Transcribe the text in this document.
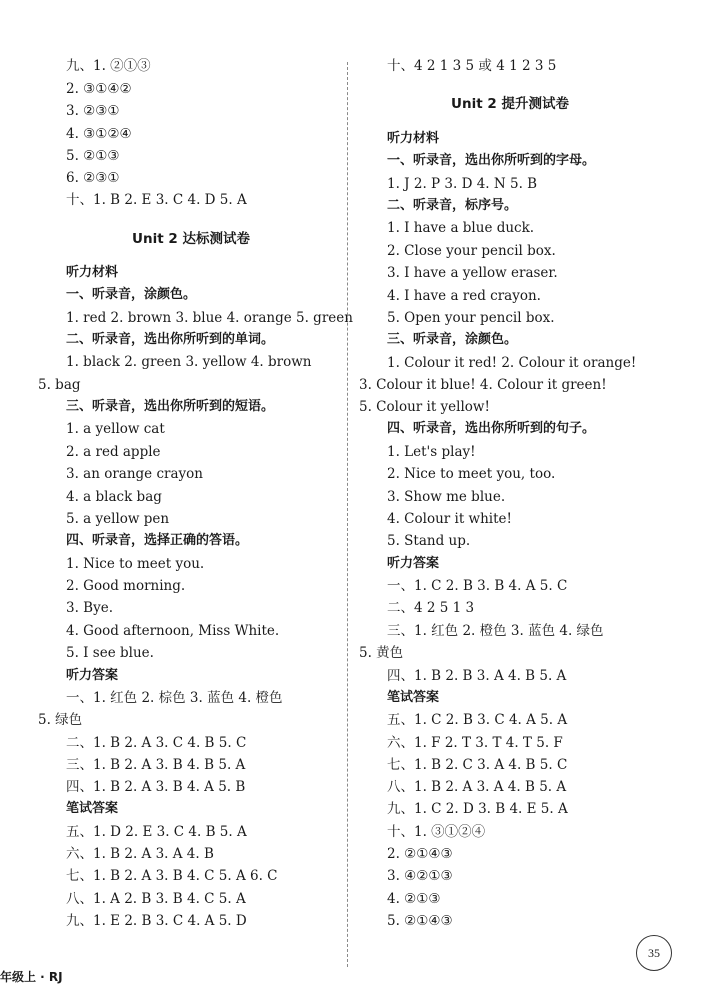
九、1. ②①③
2. ③①④②
3. ②③①
4. ③①②④
5. ②①③
6. ②③①
十、1. B 2. E 3. C 4. D 5. A
Unit 2 达标测试卷
听力材料
一、听录音，涂颜色。
1. red 2. brown 3. blue 4. orange 5. green
二、听录音，选出你所听到的单词。
1. black 2. green 3. yellow 4. brown
5. bag
三、听录音，选出你所听到的短语。
1. a yellow cat
2. a red apple
3. an orange crayon
4. a black bag
5. a yellow pen
四、听录音，选择正确的答语。
1. Nice to meet you.
2. Good morning.
3. Bye.
4. Good afternoon, Miss White.
5. I see blue.
听力答案
一、1. 红色 2. 棕色 3. 蓝色 4. 橙色
5. 绿色
二、1. B 2. A 3. C 4. B 5. C
三、1. B 2. A 3. B 4. B 5. A
四、1. B 2. A 3. B 4. A 5. B
笔试答案
五、1. D 2. E 3. C 4. B 5. A
六、1. B 2. A 3. A 4. B
七、1. B 2. A 3. B 4. C 5. A 6. C
八、1. A 2. B 3. B 4. C 5. A
九、1. E 2. B 3. C 4. A 5. D
十、4 2 1 3 5 或 4 1 2 3 5
Unit 2 提升测试卷
听力材料
一、听录音，选出你所听到的字母。
1. J 2. P 3. D 4. N 5. B
二、听录音，标序号。
1. I have a blue duck.
2. Close your pencil box.
3. I have a yellow eraser.
4. I have a red crayon.
5. Open your pencil box.
三、听录音，涂颜色。
1. Colour it red! 2. Colour it orange!
3. Colour it blue! 4. Colour it green!
5. Colour it yellow!
四、听录音，选出你所听到的句子。
1. Let's play!
2. Nice to meet you, too.
3. Show me blue.
4. Colour it white!
5. Stand up.
听力答案
一、1. C 2. B 3. B 4. A 5. C
二、4 2 5 1 3
三、1. 红色 2. 橙色 3. 蓝色 4. 绿色
5. 黄色
四、1. B 2. B 3. A 4. B 5. A
笔试答案
五、1. C 2. B 3. C 4. A 5. A
六、1. F 2. T 3. T 4. T 5. F
七、1. B 2. C 3. A 4. B 5. C
八、1. B 2. A 3. A 4. B 5. A
九、1. C 2. D 3. B 4. E 5. A
十、1. ③①②④
2. ②①④③
3. ④②①③
4. ②①③
5. ②①④③
年级上 · RJ
35
